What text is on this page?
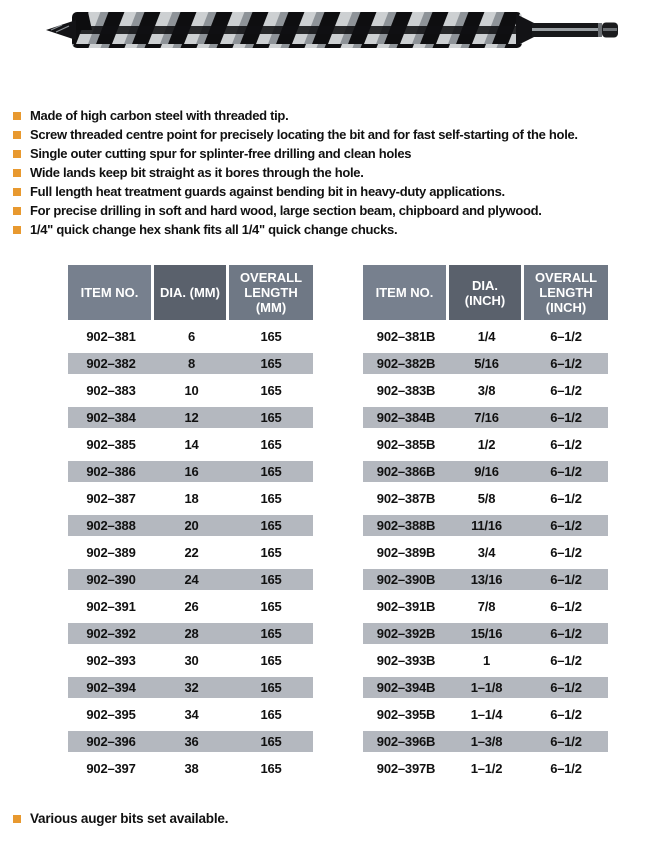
Made of high carbon steel with threaded tip.
Screw threaded centre point for precisely locating the bit and for fast self-starting of the hole.
Single outer cutting spur for splinter-free drilling and clean holes
Wide lands keep bit straight as it bores through the hole.
Full length heat treatment guards against bending bit in heavy-duty applications.
For precise drilling in soft and hard wood, large section beam, chipboard and plywood.
1/4" quick change hex shank fits all 1/4" quick change chucks.
ITEM NO.	DIA. (MM)	OVERALL LENGTH (MM)
902–381	6	165
902–382	8	165
902–383	10	165
902–384	12	165
902–385	14	165
902–386	16	165
902–387	18	165
902–388	20	165
902–389	22	165
902–390	24	165
902–391	26	165
902–392	28	165
902–393	30	165
902–394	32	165
902–395	34	165
902–396	36	165
902–397	38	165
ITEM NO.	DIA. (INCH)	OVERALL LENGTH (INCH)
902–381B	1/4	6–1/2
902–382B	5/16	6–1/2
902–383B	3/8	6–1/2
902–384B	7/16	6–1/2
902–385B	1/2	6–1/2
902–386B	9/16	6–1/2
902–387B	5/8	6–1/2
902–388B	11/16	6–1/2
902–389B	3/4	6–1/2
902–390B	13/16	6–1/2
902–391B	7/8	6–1/2
902–392B	15/16	6–1/2
902–393B	1	6–1/2
902–394B	1–1/8	6–1/2
902–395B	1–1/4	6–1/2
902–396B	1–3/8	6–1/2
902–397B	1–1/2	6–1/2
Various auger bits set available.
